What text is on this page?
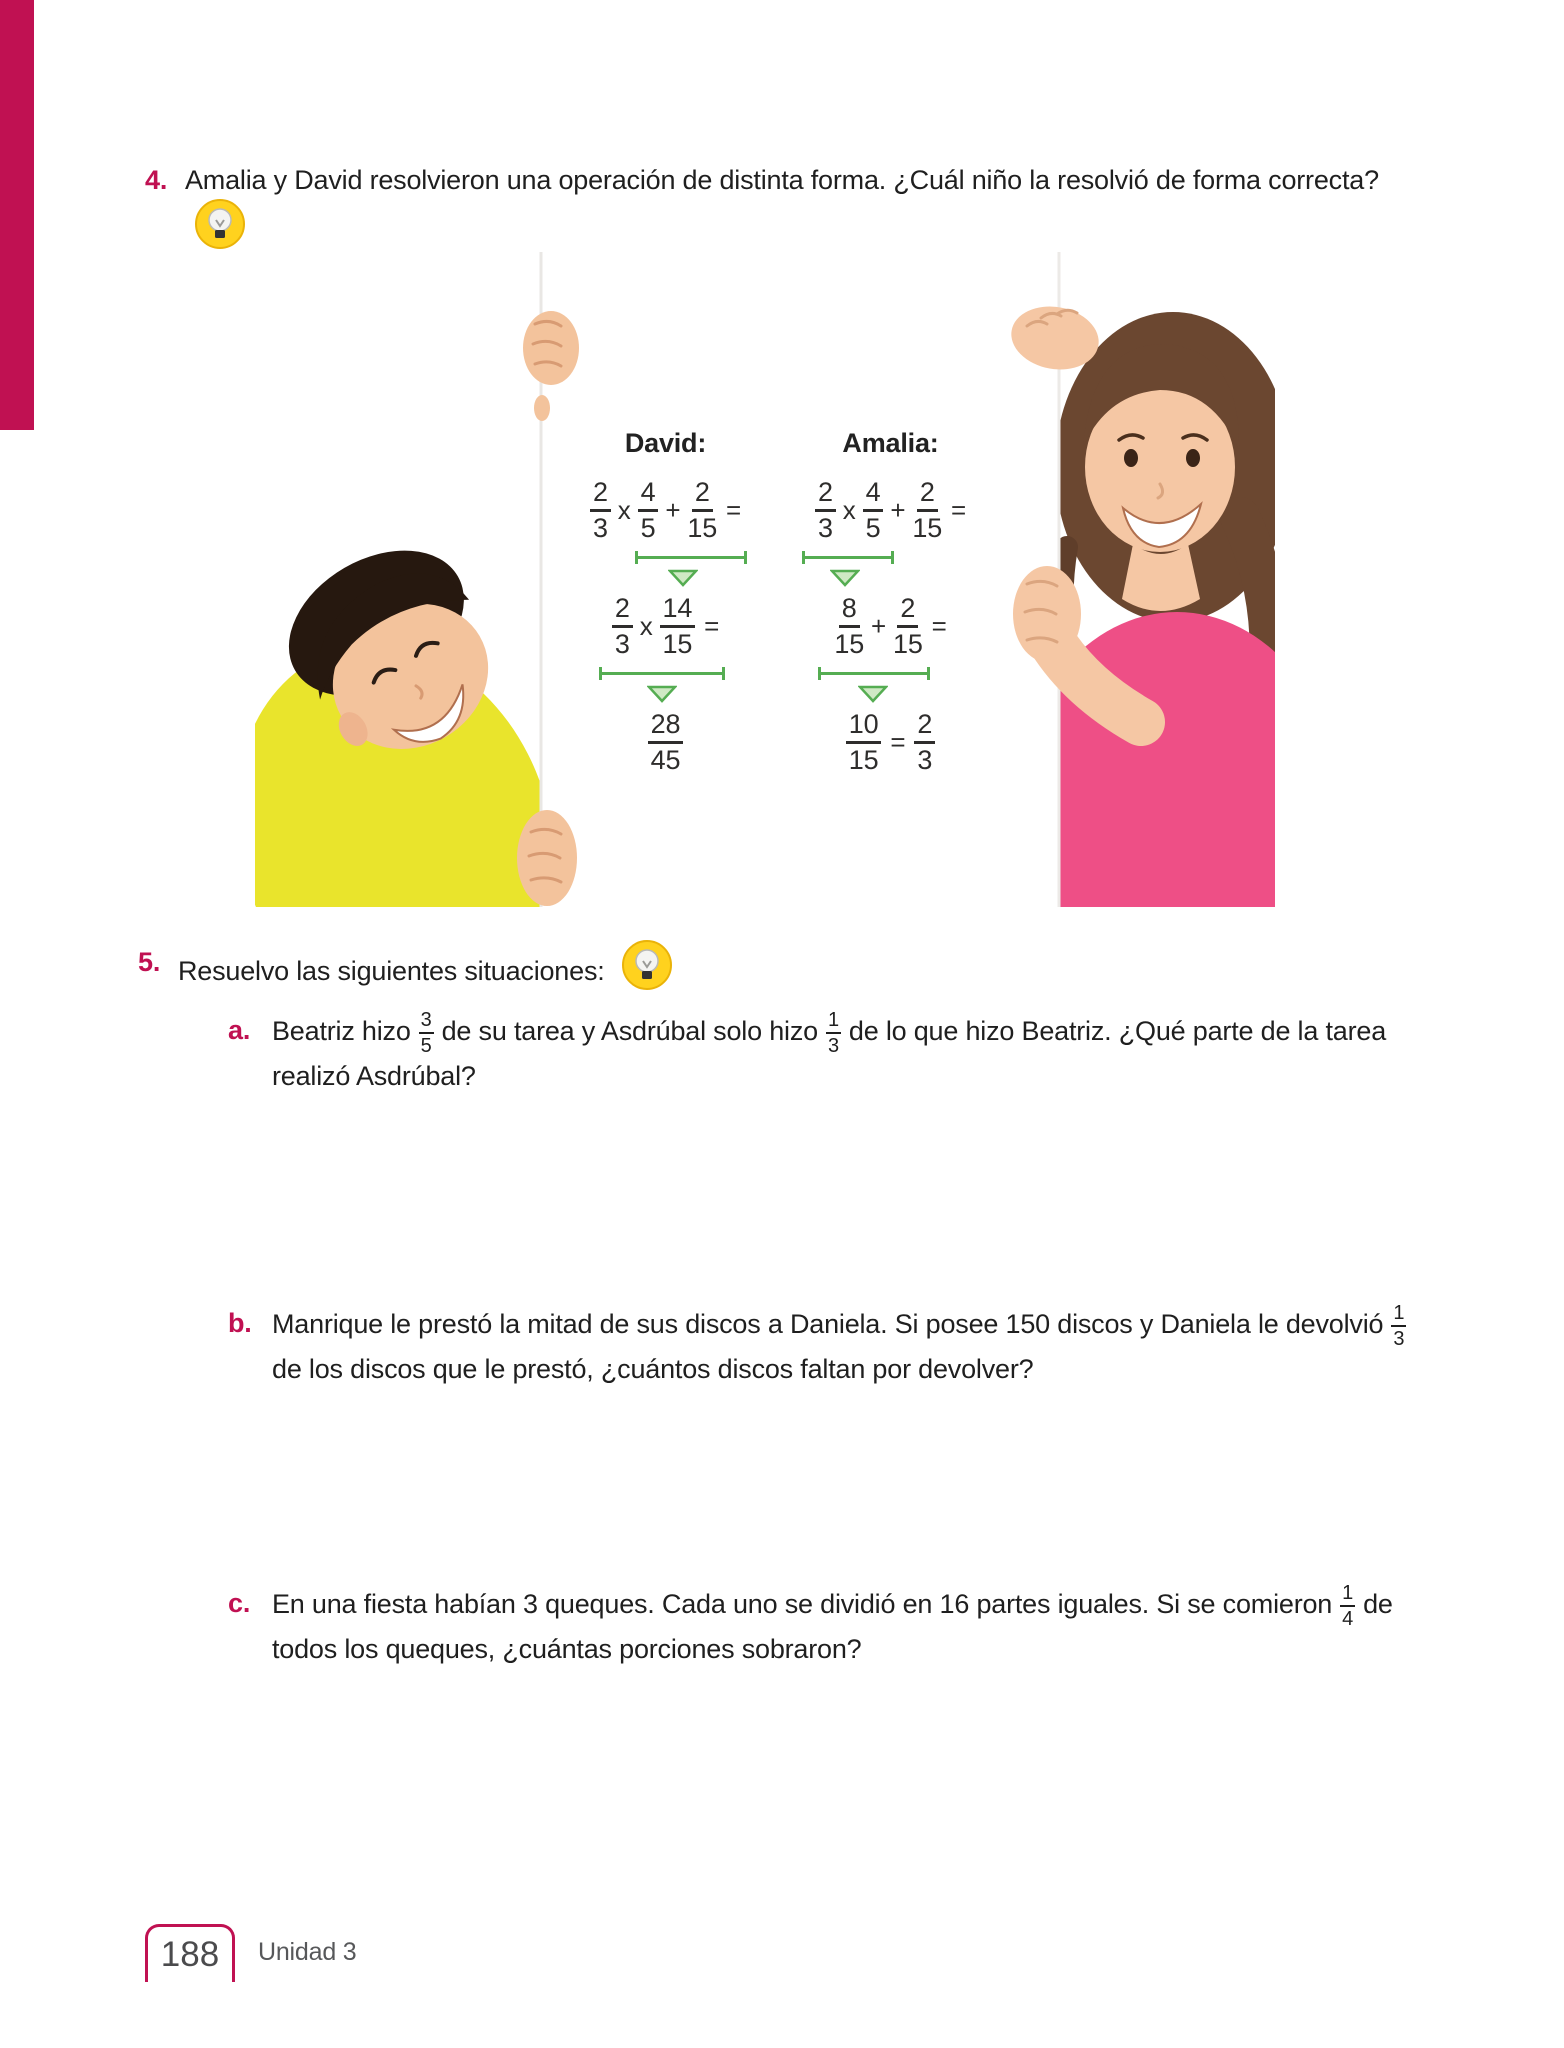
4. Amalia y David resolvieron una operación de distinta forma. ¿Cuál niño la resolvió de forma correcta?
David:
2
3
x
4
5
+ $\frac{2}{15}$ =
2
3
x $\frac{14}{15}$ =
28
45
Amalia:
2
3
x
4
5
+ $\frac{2}{15}$ =
8
15
+ $\frac{2}{15}$ =
$\frac{10}{15} = \frac{2}{3}$
5. Resuelvo las siguientes situaciones:
a. Beatriz hizo $\frac{3}{5}$ de su tarea y Asdrúbal solo hizo $\frac{1}{3}$ de lo que hizo Beatriz. ¿Qué parte de la tarea realizó Asdrúbal?
b. Manrique le prestó la mitad de sus discos a Daniela. Si posee 150 discos y Daniela le devolvió $\frac{1}{3}$
de los discos que le prestó, ¿cuántos discos faltan por devolver?
c. En una fiesta habían 3 queques. Cada uno se dividió en 16 partes iguales. Si se comieron $\frac{1}{4}$ de todos los queques, ¿cuántas porciones sobraron?
188 Unidad 3
